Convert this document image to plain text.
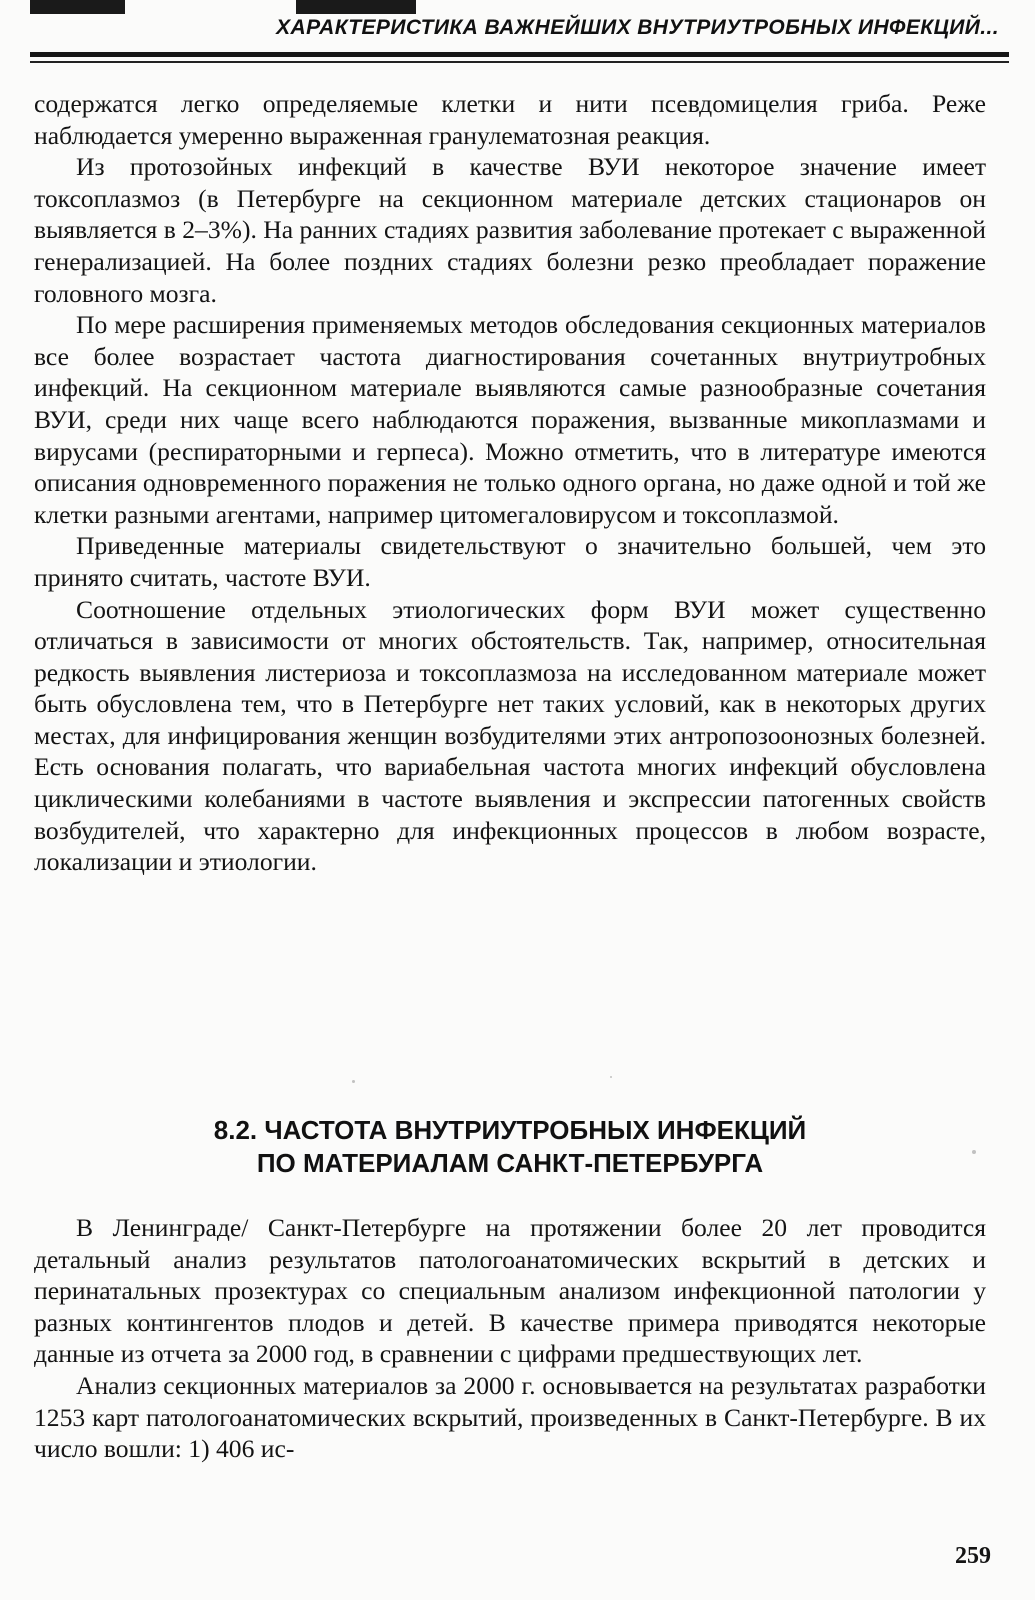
ХАРАКТЕРИСТИКА ВАЖНЕЙШИХ ВНУТРИУТРОБНЫХ ИНФЕКЦИЙ...

содержатся легко определяемые клетки и нити псевдомицелия гриба. Реже наблюдается умеренно выраженная гранулематозная реакция.

Из протозойных инфекций в качестве ВУИ некоторое значение имеет токсоплазмоз (в Петербурге на секционном материале детских стационаров он выявляется в 2–3%). На ранних стадиях развития заболевание протекает с выраженной генерализацией. На более поздних стадиях болезни резко преобладает поражение головного мозга.

По мере расширения применяемых методов обследования секционных материалов все более возрастает частота диагностирования сочетанных внутриутробных инфекций. На секционном материале выявляются самые разнообразные сочетания ВУИ, среди них чаще всего наблюдаются поражения, вызванные микоплазмами и вирусами (респираторными и герпеса). Можно отметить, что в литературе имеются описания одновременного поражения не только одного органа, но даже одной и той же клетки разными агентами, например цитомегаловирусом и токсоплазмой.

Приведенные материалы свидетельствуют о значительно большей, чем это принято считать, частоте ВУИ.

Соотношение отдельных этиологических форм ВУИ может существенно отличаться в зависимости от многих обстоятельств. Так, например, относительная редкость выявления листериоза и токсоплазмоза на исследованном материале может быть обусловлена тем, что в Петербурге нет таких условий, как в некоторых других местах, для инфицирования женщин возбудителями этих антропозоонозных болезней. Есть основания полагать, что вариабельная частота многих инфекций обусловлена циклическими колебаниями в частоте выявления и экспрессии патогенных свойств возбудителей, что характерно для инфекционных процессов в любом возрасте, локализации и этиологии.

8.2. ЧАСТОТА ВНУТРИУТРОБНЫХ ИНФЕКЦИЙ
ПО МАТЕРИАЛАМ САНКТ-ПЕТЕРБУРГА

В Ленинграде/ Санкт-Петербурге на протяжении более 20 лет проводится детальный анализ результатов патологоанатомических вскрытий в детских и перинатальных прозектурах со специальным анализом инфекционной патологии у разных контингентов плодов и детей. В качестве примера приводятся некоторые данные из отчета за 2000 год, в сравнении с цифрами предшествующих лет.

Анализ секционных материалов за 2000 г. основывается на результатах разработки 1253 карт патологоанатомических вскрытий, произведенных в Санкт-Петербурге. В их число вошли: 1) 406 ис-

259
